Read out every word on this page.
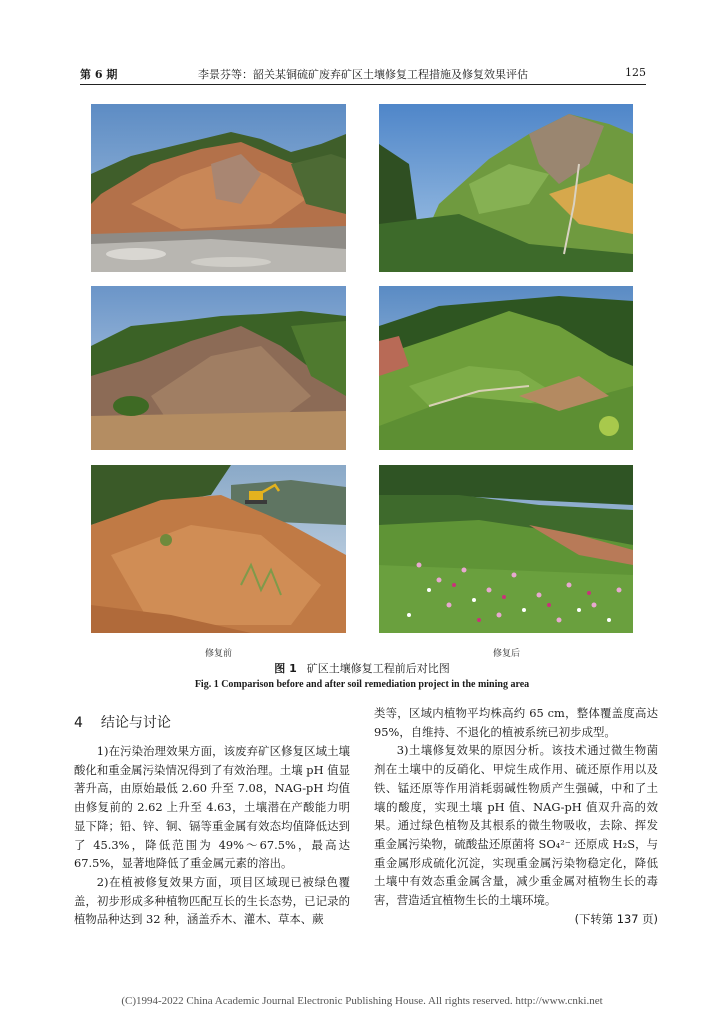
第 6 期	李景芬等：韶关某铜硫矿废弃矿区土壤修复工程措施及修复效果评估	125
修复前	修复后
图 1 矿区土壤修复工程前后对比图
Fig. 1 Comparison before and after soil remediation project in the mining area
4 结论与讨论

1)在污染治理效果方面，该废弃矿区修复区域土壤酸化和重金属污染情况得到了有效治理。土壤 pH 值显著升高，由原始最低 2.60 升至 7.08，NAG-pH 均值由修复前的 2.62 上升至 4.63，土壤潜在产酸能力明显下降；铅、锌、铜、镉等重金属有效态均值降低达到了 45.3%，降低范围为 49%～67.5%，最高达 67.5%，显著地降低了重金属元素的溶出。

2)在植被修复效果方面，项目区域现已被绿色覆盖，初步形成多种植物匹配互长的生长态势，已记录的植物品种达到 32 种，涵盖乔木、灌木、草本、蕨

类等，区域内植物平均株高约 65 cm，整体覆盖度高达 95%，自维持、不退化的植被系统已初步成型。

3)土壤修复效果的原因分析。该技术通过微生物菌剂在土壤中的反硝化、甲烷生成作用、硫还原作用以及铁、锰还原等作用消耗弱碱性物质产生强碱，中和了土壤的酸度，实现土壤 pH 值、NAG-pH 值双升高的效果。通过绿色植物及其根系的微生物吸收，去除、挥发重金属污染物，硫酸盐还原菌将 SO₄²⁻ 还原成 H₂S，与重金属形成硫化沉淀，实现重金属污染物稳定化，降低土壤中有效态重金属含量，减少重金属对植物生长的毒害，营造适宜植物生长的土壤环境。

(下转第 137 页)

(C)1994-2022 China Academic Journal Electronic Publishing House. All rights reserved. http://www.cnki.net
